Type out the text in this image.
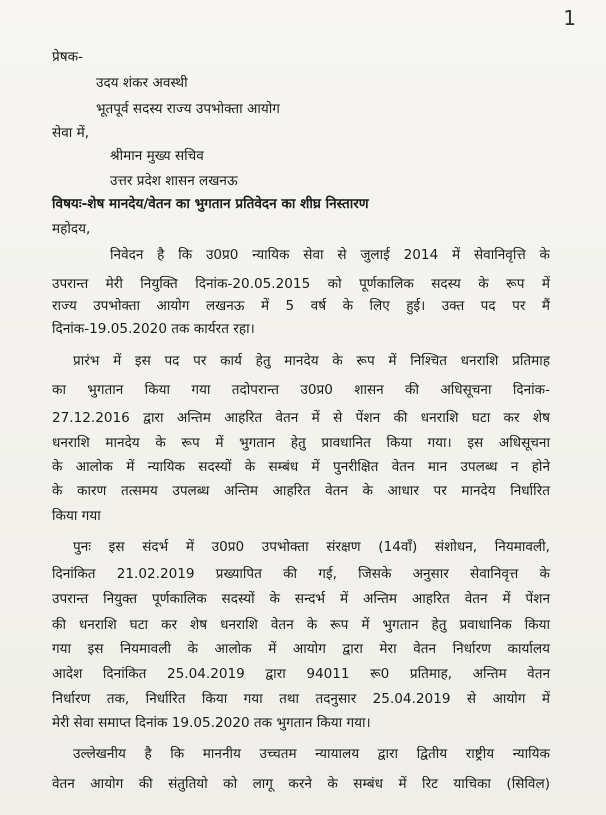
1
प्रेषक-
उदय शंकर अवस्थी
भूतपूर्व सदस्य राज्य उपभोक्ता आयोग
सेवा में,
श्रीमान मुख्य सचिव
उत्तर प्रदेश शासन लखनऊ
विषयः-शेष मानदेय/वेतन का भुगतान प्रतिवेदन का शीघ्र निस्तारण
महोदय,
निवेदन है कि उ0प्र0 न्यायिक सेवा से जुलाई 2014 में सेवानिवृत्ति के
उपरान्त मेरी नियुक्ति दिनांक-20.05.2015 को पूर्णकालिक सदस्य के रूप में
राज्य उपभोक्ता आयोग लखनऊ में 5 वर्ष के लिए हुई। उक्त पद पर मैं
दिनांक-19.05.2020 तक कार्यरत रहा।
प्रारंभ में इस पद पर कार्य हेतु मानदेय के रूप में निश्चित धनराशि प्रतिमाह
का भुगतान किया गया तदोपरान्त उ0प्र0 शासन की अधिसूचना दिनांक-
27.12.2016 द्वारा अन्तिम आहरित वेतन में से पेंशन की धनराशि घटा कर शेष
धनराशि मानदेय के रूप में भुगतान हेतु प्रावधानित किया गया। इस अधिसूचना
के आलोक में न्यायिक सदस्यों के सम्बंध में पुनरीक्षित वेतन मान उपलब्ध न होने
के कारण तत्समय उपलब्ध अन्तिम आहरित वेतन के आधार पर मानदेय निर्धारित
किया गया
पुनः इस संदर्भ में उ0प्र0 उपभोक्ता संरक्षण (14वॉं) संशोधन, नियमावली,
दिनांकित 21.02.2019 प्रख्यापित की गई, जिसके अनुसार सेवानिवृत्त के
उपरान्त नियुक्त पूर्णकालिक सदस्यों के सन्दर्भ में अन्तिम आहरित वेतन में पेंशन
की धनराशि घटा कर शेष धनराशि वेतन के रूप में भुगतान हेतु प्रवाधानिक किया
गया इस नियमावली के आलोक में आयोग द्वारा मेरा वेतन निर्धारण कार्यालय
आदेश दिनांकित 25.04.2019 द्वारा 94011 रू0 प्रतिमाह, अन्तिम वेतन
निर्धारण तक, निर्धारित किया गया तथा तदनुसार 25.04.2019 से आयोग में
मेरी सेवा समाप्त दिनांक 19.05.2020 तक भुगतान किया गया।
उल्लेखनीय है कि माननीय उच्चतम न्यायालय द्वारा द्वितीय राष्ट्रीय न्यायिक
वेतन आयोग की संतुतियो को लागू करने के सम्बंध में रिट याचिका (सिविल)
